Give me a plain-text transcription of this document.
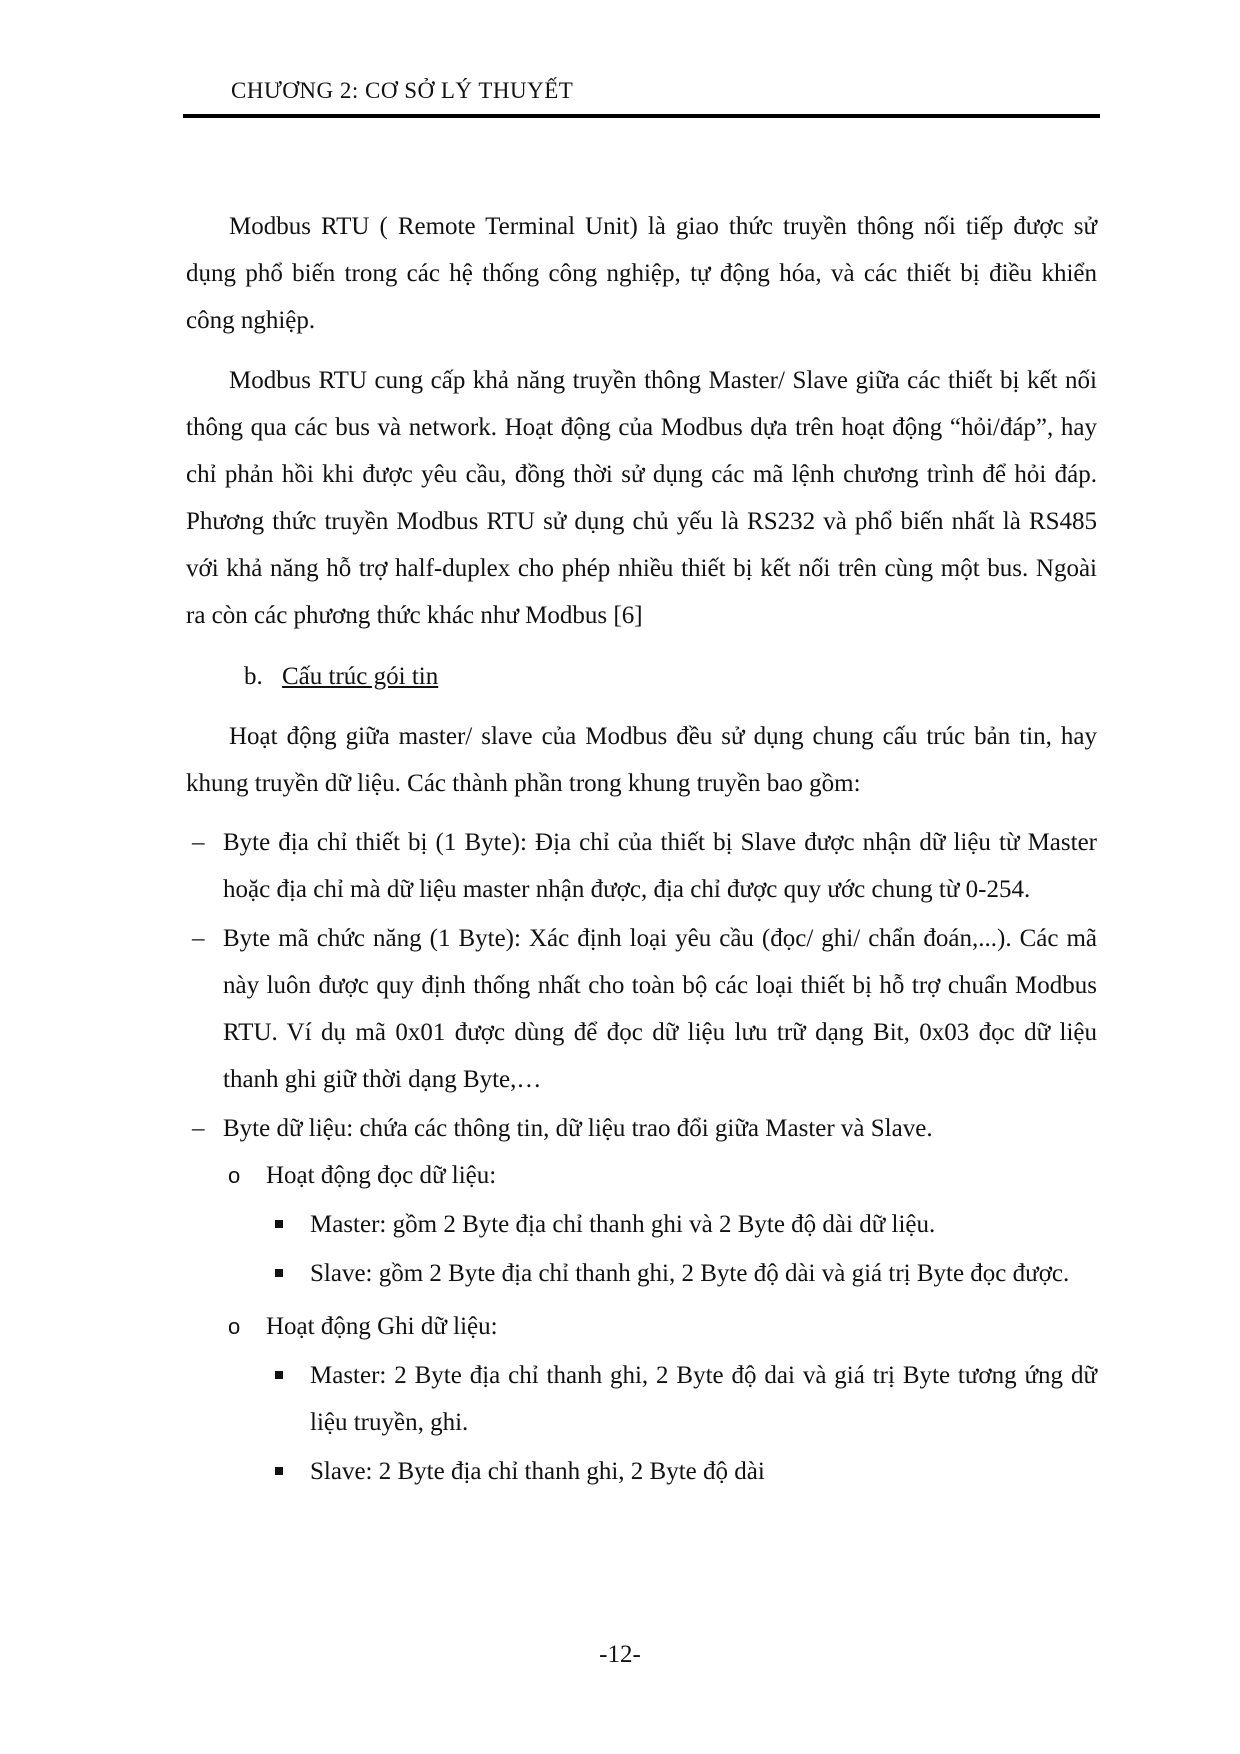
CHƯƠNG 2: CƠ SỞ LÝ THUYẾT

Modbus RTU ( Remote Terminal Unit) là giao thức truyền thông nối tiếp được sử dụng phổ biến trong các hệ thống công nghiệp, tự động hóa, và các thiết bị điều khiển công nghiệp.

Modbus RTU cung cấp khả năng truyền thông Master/ Slave giữa các thiết bị kết nối thông qua các bus và network. Hoạt động của Modbus dựa trên hoạt động “hỏi/đáp”, hay chỉ phản hồi khi được yêu cầu, đồng thời sử dụng các mã lệnh chương trình để hỏi đáp. Phương thức truyền Modbus RTU sử dụng chủ yếu là RS232 và phổ biến nhất là RS485 với khả năng hỗ trợ half-duplex cho phép nhiều thiết bị kết nối trên cùng một bus. Ngoài ra còn các phương thức khác như Modbus [6]

b. Cấu trúc gói tin

Hoạt động giữa master/ slave của Modbus đều sử dụng chung cấu trúc bản tin, hay khung truyền dữ liệu. Các thành phần trong khung truyền bao gồm:

– Byte địa chỉ thiết bị (1 Byte): Địa chỉ của thiết bị Slave được nhận dữ liệu từ Master hoặc địa chỉ mà dữ liệu master nhận được, địa chỉ được quy ước chung từ 0-254.
– Byte mã chức năng (1 Byte): Xác định loại yêu cầu (đọc/ ghi/ chẩn đoán,...). Các mã này luôn được quy định thống nhất cho toàn bộ các loại thiết bị hỗ trợ chuẩn Modbus RTU. Ví dụ mã 0x01 được dùng để đọc dữ liệu lưu trữ dạng Bit, 0x03 đọc dữ liệu thanh ghi giữ thời dạng Byte,…
– Byte dữ liệu: chứa các thông tin, dữ liệu trao đổi giữa Master và Slave.
o Hoạt động đọc dữ liệu:
Master: gồm 2 Byte địa chỉ thanh ghi và 2 Byte độ dài dữ liệu.
Slave: gồm 2 Byte địa chỉ thanh ghi, 2 Byte độ dài và giá trị Byte đọc được.
o Hoạt động Ghi dữ liệu:
Master: 2 Byte địa chỉ thanh ghi, 2 Byte độ dai và giá trị Byte tương ứng dữ liệu truyền, ghi.
Slave: 2 Byte địa chỉ thanh ghi, 2 Byte độ dài
-12-
